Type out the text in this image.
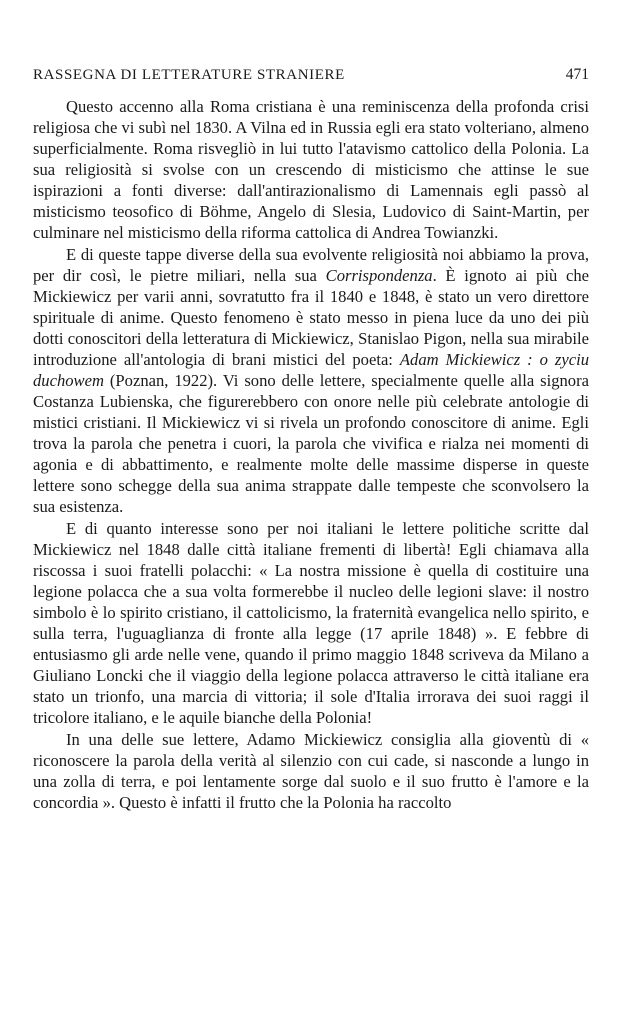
RASSEGNA DI LETTERATURE STRANIERE	471

Questo accenno alla Roma cristiana è una reminiscenza della profonda crisi religiosa che vi subì nel 1830. A Vilna ed in Russia egli era stato volteriano, almeno superficialmente. Roma risvegliò in lui tutto l'atavismo cattolico della Polonia. La sua religiosità si svolse con un crescendo di misticismo che attinse le sue ispirazioni a fonti diverse: dall'antirazionalismo di Lamennais egli passò al misticismo teosofico di Böhme, Angelo di Slesia, Ludovico di Saint-Martin, per culminare nel misticismo della riforma cattolica di Andrea Towianzki.

E di queste tappe diverse della sua evolvente religiosità noi abbiamo la prova, per dir così, le pietre miliari, nella sua Corrispondenza. È ignoto ai più che Mickiewicz per varii anni, sovratutto fra il 1840 e 1848, è stato un vero direttore spirituale di anime. Questo fenomeno è stato messo in piena luce da uno dei più dotti conoscitori della letteratura di Mickiewicz, Stanislao Pigon, nella sua mirabile introduzione all'antologia di brani mistici del poeta: Adam Mickiewicz : o zyciu duchowem (Poznan, 1922). Vi sono delle lettere, specialmente quelle alla signora Costanza Lubienska, che figurerebbero con onore nelle più celebrate antologie di mistici cristiani. Il Mickiewicz vi si rivela un profondo conoscitore di anime. Egli trova la parola che penetra i cuori, la parola che vivifica e rialza nei momenti di agonia e di abbattimento, e realmente molte delle massime disperse in queste lettere sono schegge della sua anima strappate dalle tempeste che sconvolsero la sua esistenza.

E di quanto interesse sono per noi italiani le lettere politiche scritte dal Mickiewicz nel 1848 dalle città italiane frementi di libertà! Egli chiamava alla riscossa i suoi fratelli polacchi: « La nostra missione è quella di costituire una legione polacca che a sua volta formerebbe il nucleo delle legioni slave: il nostro simbolo è lo spirito cristiano, il cattolicismo, la fraternità evangelica nello spirito, e sulla terra, l'uguaglianza di fronte alla legge (17 aprile 1848) ». E febbre di entusiasmo gli arde nelle vene, quando il primo maggio 1848 scriveva da Milano a Giuliano Loncki che il viaggio della legione polacca attraverso le città italiane era stato un trionfo, una marcia di vittoria; il sole d'Italia irrorava dei suoi raggi il tricolore italiano, e le aquile bianche della Polonia!

In una delle sue lettere, Adamo Mickiewicz consiglia alla gioventù di « riconoscere la parola della verità al silenzio con cui cade, si nasconde a lungo in una zolla di terra, e poi lentamente sorge dal suolo e il suo frutto è l'amore e la concordia ». Questo è infatti il frutto che la Polonia ha raccolto
